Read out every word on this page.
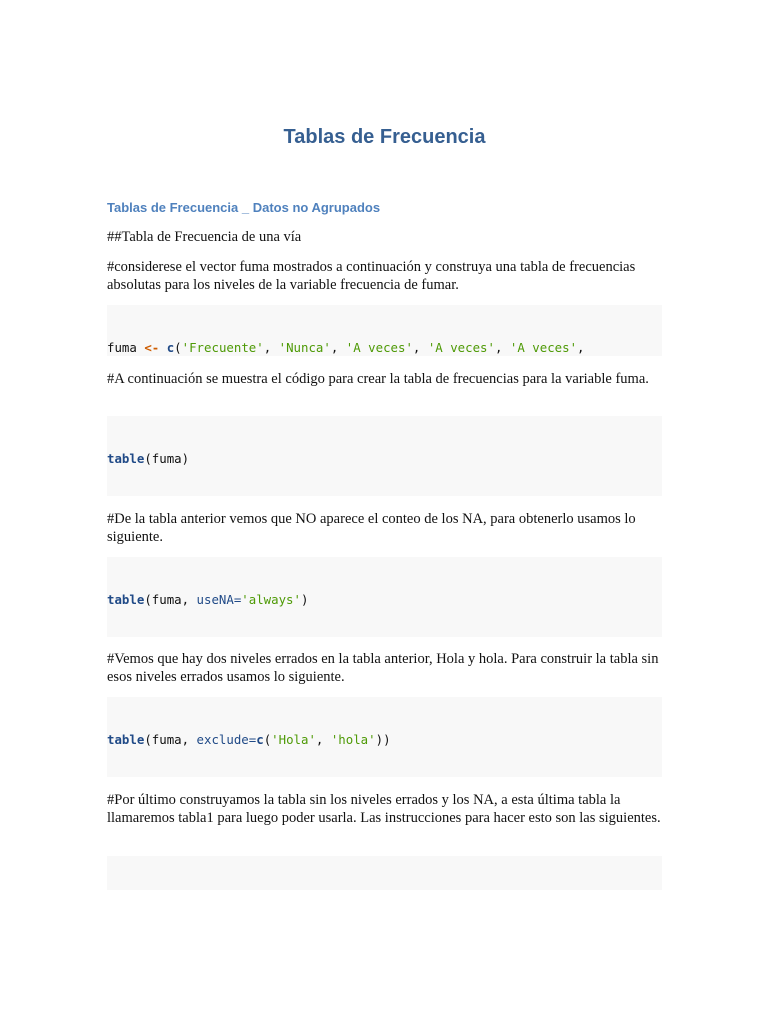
Tablas de Frecuencia
Tablas de Frecuencia _ Datos no Agrupados
##Tabla de Frecuencia de una vía
#considerese el vector fuma mostrados a continuación y construya una tabla de frecuencias absolutas para los niveles de la variable frecuencia de fumar.

fuma <- c('Frecuente', 'Nunca', 'A veces', 'A veces', 'A veces',

#A continuación se muestra el código para crear la tabla de frecuencias para la variable fuma.

table(fuma)

#De la tabla anterior vemos que NO aparece el conteo de los NA, para obtenerlo usamos lo siguiente.

table(fuma, useNA='always')

#Vemos que hay dos niveles errados en la tabla anterior, Hola y hola. Para construir la tabla sin esos niveles errados usamos lo siguiente.

table(fuma, exclude=c('Hola', 'hola'))

#Por último construyamos la tabla sin los niveles errados y los NA, a esta última tabla la llamaremos tabla1 para luego poder usarla. Las instrucciones para hacer esto son las siguientes.
